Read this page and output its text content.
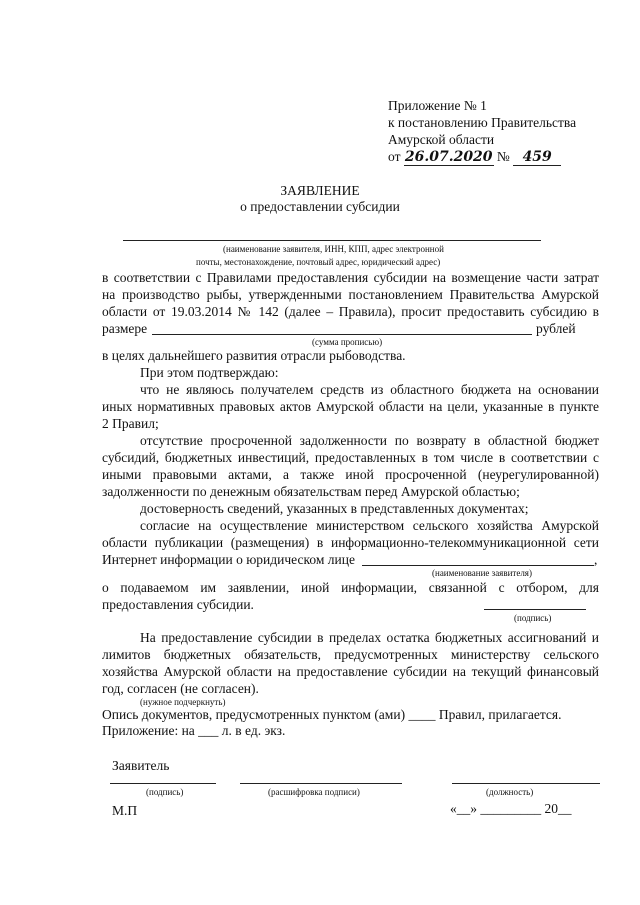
Приложение № 1
к постановлению Правительства
Амурской области
от 26.07.2020 № 459
ЗАЯВЛЕНИЕ
о предоставлении субсидии
(наименование заявителя, ИНН, КПП, адрес электронной
почты, местонахождение, почтовый адрес, юридический адрес)
в соответствии с Правилами предоставления субсидии на возмещение части затрат
на производство рыбы, утвержденными постановлением Правительства Амурской
области от 19.03.2014 № 142 (далее – Правила), просит предоставить субсидию в
размере	рублей
(сумма прописью)
в целях дальнейшего развития отрасли рыбоводства.
При этом подтверждаю:
что не являюсь получателем средств из областного бюджета на основании
иных нормативных правовых актов Амурской области на цели, указанные в пункте
2 Правил;
отсутствие просроченной задолженности по возврату в областной бюджет
субсидий, бюджетных инвестиций, предоставленных в том числе в соответствии с
иными правовыми актами, а также иной просроченной (неурегулированной)
задолженности по денежным обязательствам перед Амурской областью;
достоверность сведений, указанных в представленных документах;
согласие на осуществление министерством сельского хозяйства Амурской
области публикации (размещения) в информационно-телекоммуникационной сети
Интернет информации о юридическом лице	,
(наименование заявителя)
о подаваемом им заявлении, иной информации, связанной с отбором, для
предоставления субсидии.
(подпись)
На предоставление субсидии в пределах остатка бюджетных ассигнований и
лимитов бюджетных обязательств, предусмотренных министерству сельского
хозяйства Амурской области на предоставление субсидии на текущий финансовый
год, согласен (не согласен).
(нужное подчеркнуть)
Опись документов, предусмотренных пунктом (ами) ____ Правил, прилагается.
Приложение: на ___ л. в ед. экз.
Заявитель
(подпись)	(расшифровка подписи)	(должность)
М.П	«__» _________ 20__
